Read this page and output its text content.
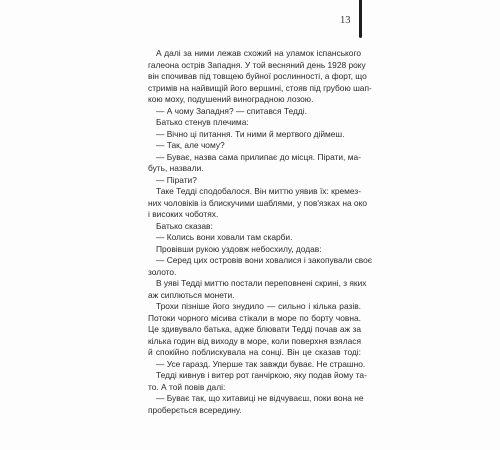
13
А далі за ними лежав схожий на уламок іспанського
галеона острів Западня. У той весняний день 1928 року
він спочивав під товщею буйної рослинності, а форт, що
стримів на найвищій його вершині, стояв під грубою шап-
кою моху, подушений виноградною лозою.
— А чому Западня? — спитався Тедді.
Батько стенув плечима:
— Вічно ці питання. Ти ними й мертвого діймеш.
— Так, але чому?
— Буває, назва сама прилипає до місця. Пірати, ма-
буть, назвали.
— Пірати?
Таке Тедді сподобалося. Він миттю уявив їх: кремез-
них чоловіків із блискучими шаблями, у пов'язках на око
і високих чоботях.
Батько сказав:
— Колись вони ховали там скарби.
Провівши рукою уздовж небосхилу, додав:
— Серед цих островів вони ховалися і закопували своє
золото.
В уяві Тедді миттю постали переповнені скрині, з яких
аж сиплються монети.
Трохи пізніше його знудило — сильно і кілька разів.
Потоки чорного місива стікали в море по борту човна.
Це здивувало батька, адже блювати Тедді почав аж за
кілька годин від виходу в море, коли поверхня взялася
й спокійно поблискувала на сонці. Він це сказав тоді:
— Усе гаразд. Уперше так завжди буває. Не страшно.
Тедді кивнув і витер рот ганчіркою, яку подав йому та-
то. А той повів далі:
— Буває так, що хитавиці не відчуваєш, поки вона не
проберється всередину.
